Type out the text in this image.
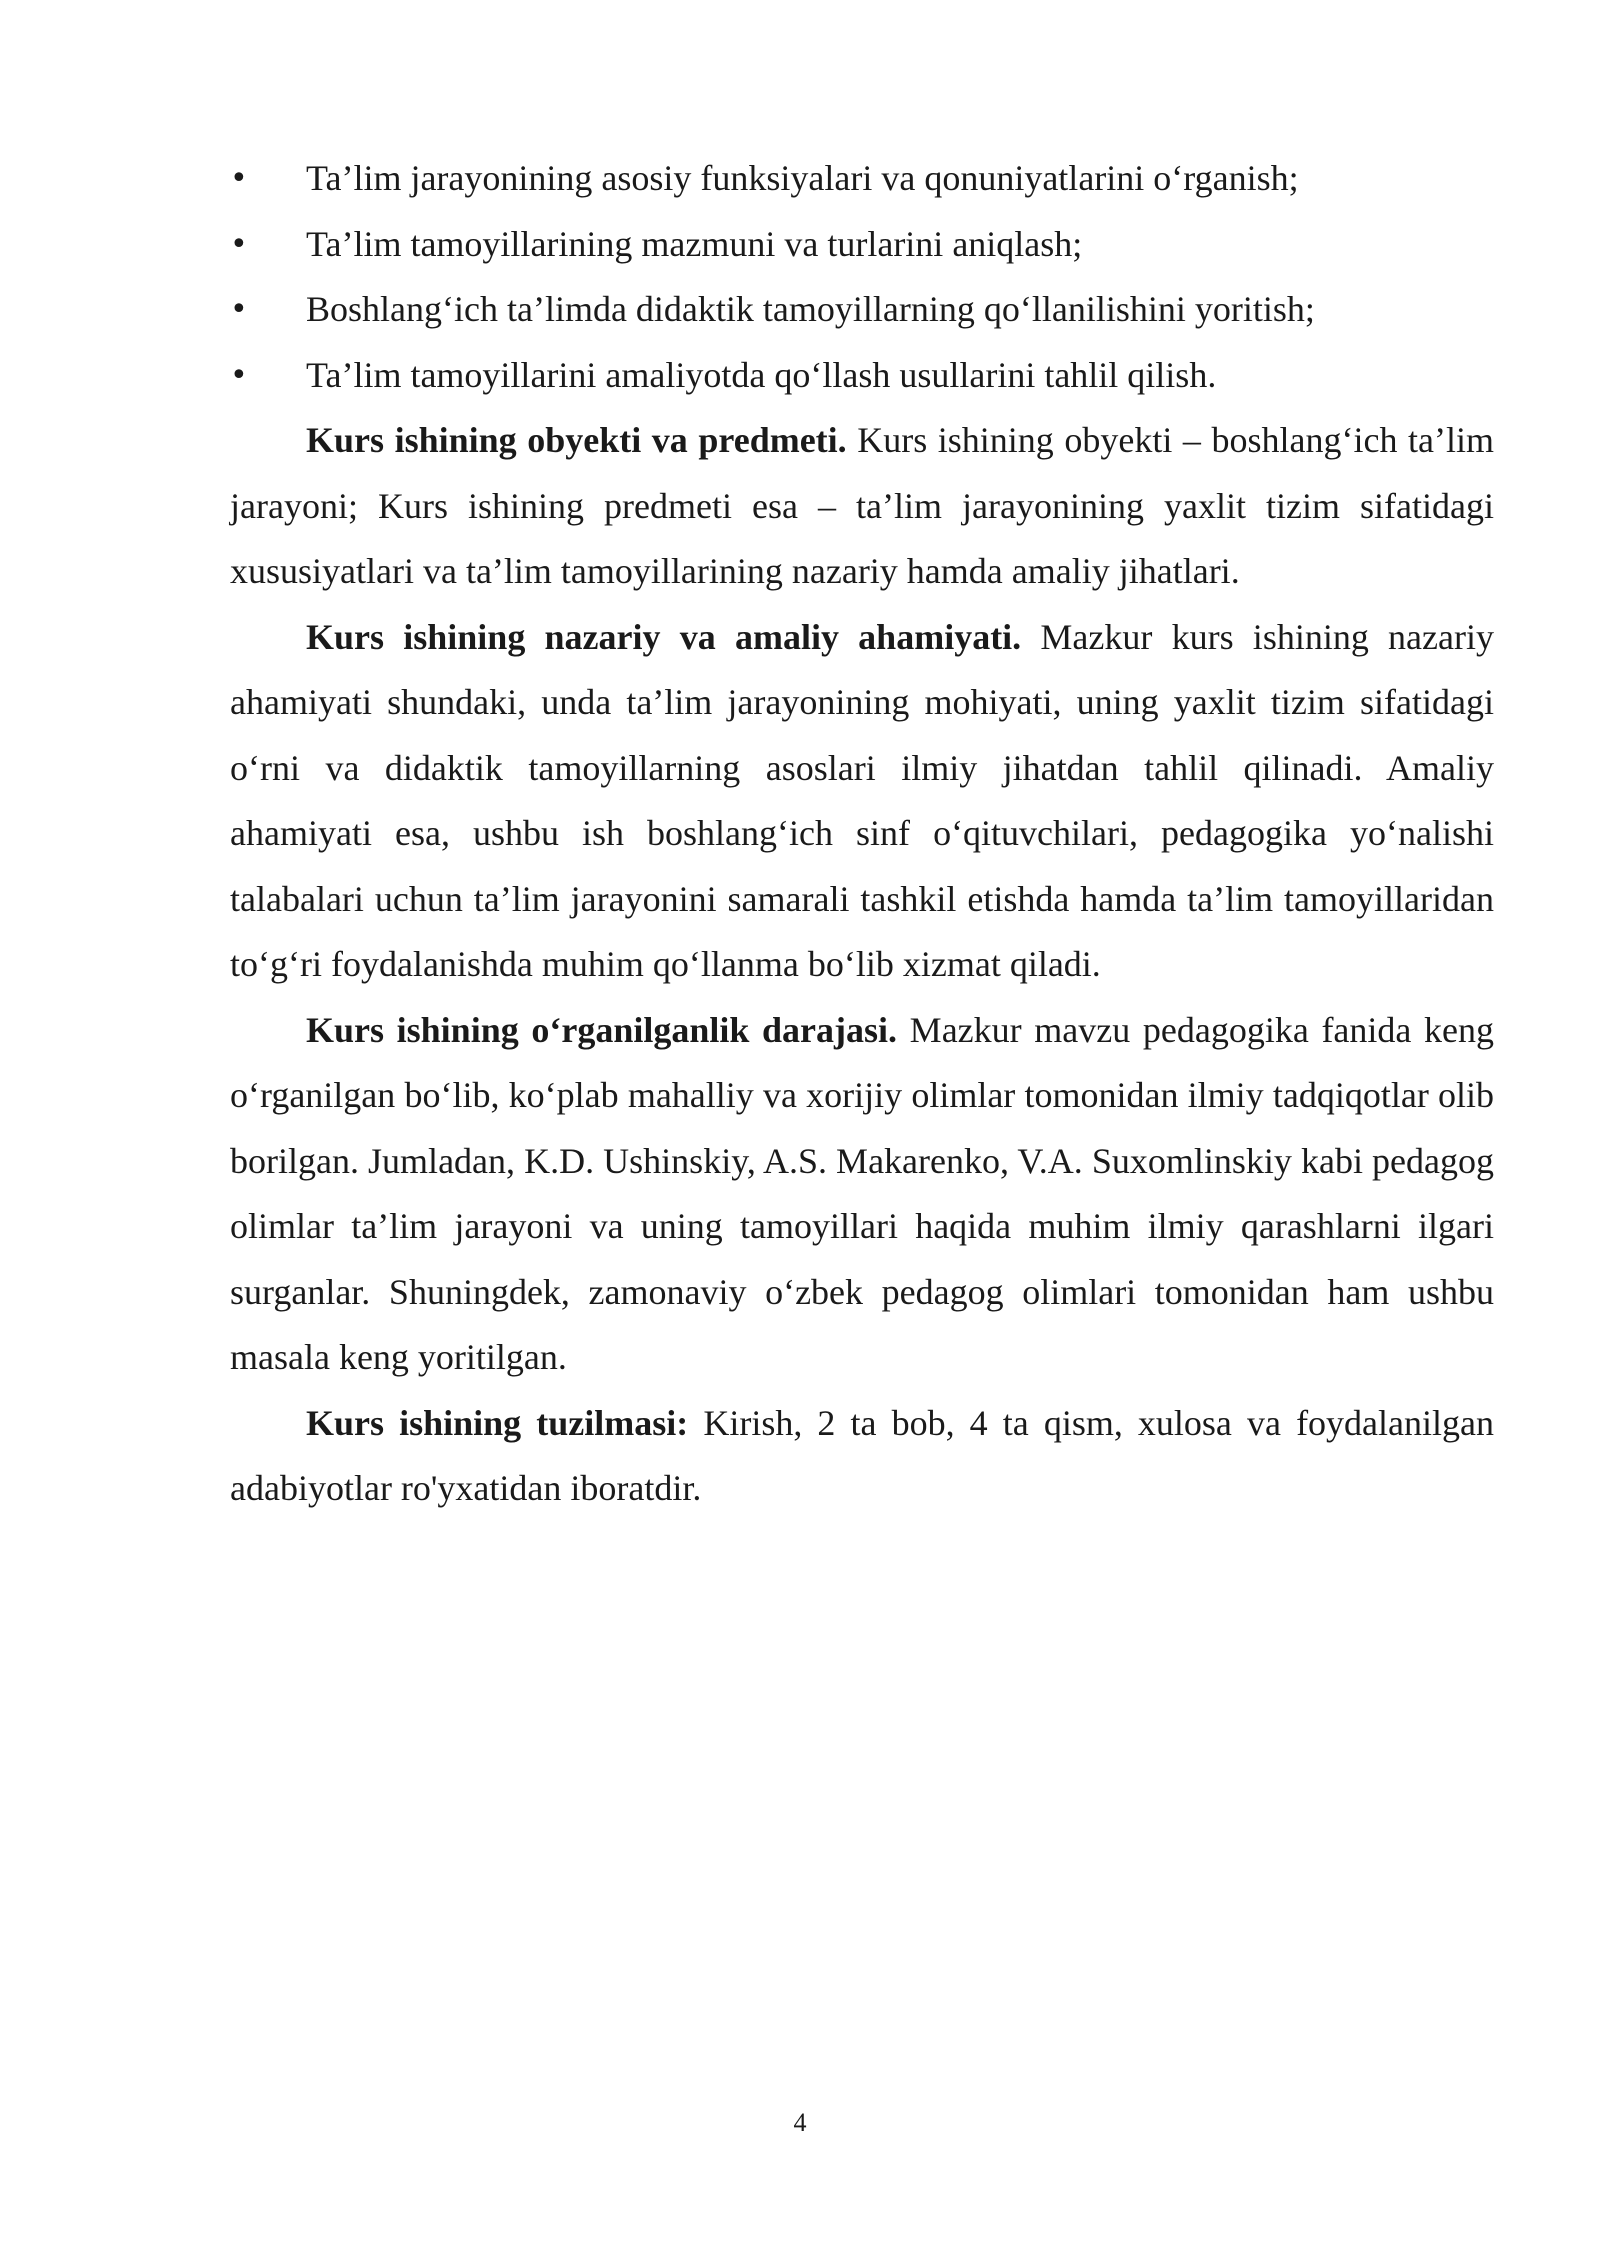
•	Ta’lim jarayonining asosiy funksiyalari va qonuniyatlarini o‘rganish;
•	Ta’lim tamoyillarining mazmuni va turlarini aniqlash;
•	Boshlang‘ich ta’limda didaktik tamoyillarning qo‘llanilishini yoritish;
•	Ta’lim tamoyillarini amaliyotda qo‘llash usullarini tahlil qilish.

Kurs ishining obyekti va predmeti. Kurs ishining obyekti – boshlang‘ich ta’lim jarayoni; Kurs ishining predmeti esa – ta’lim jarayonining yaxlit tizim sifatidagi xususiyatlari va ta’lim tamoyillarining nazariy hamda amaliy jihatlari.

Kurs ishining nazariy va amaliy ahamiyati. Mazkur kurs ishining nazariy ahamiyati shundaki, unda ta’lim jarayonining mohiyati, uning yaxlit tizim sifatidagi o‘rni va didaktik tamoyillarning asoslari ilmiy jihatdan tahlil qilinadi. Amaliy ahamiyati esa, ushbu ish boshlang‘ich sinf o‘qituvchilari, pedagogika yo‘nalishi talabalari uchun ta’lim jarayonini samarali tashkil etishda hamda ta’lim tamoyillaridan to‘g‘ri foydalanishda muhim qo‘llanma bo‘lib xizmat qiladi.

Kurs ishining o‘rganilganlik darajasi. Mazkur mavzu pedagogika fanida keng o‘rganilgan bo‘lib, ko‘plab mahalliy va xorijiy olimlar tomonidan ilmiy tadqiqotlar olib borilgan. Jumladan, K.D. Ushinskiy, A.S. Makarenko, V.A. Suxomlinskiy kabi pedagog olimlar ta’lim jarayoni va uning tamoyillari haqida muhim ilmiy qarashlarni ilgari surganlar. Shuningdek, zamonaviy o‘zbek pedagog olimlari tomonidan ham ushbu masala keng yoritilgan.

Kurs ishining tuzilmasi: Kirish, 2 ta bob, 4 ta qism, xulosa va foydalanilgan adabiyotlar ro'yxatidan iboratdir.

4
